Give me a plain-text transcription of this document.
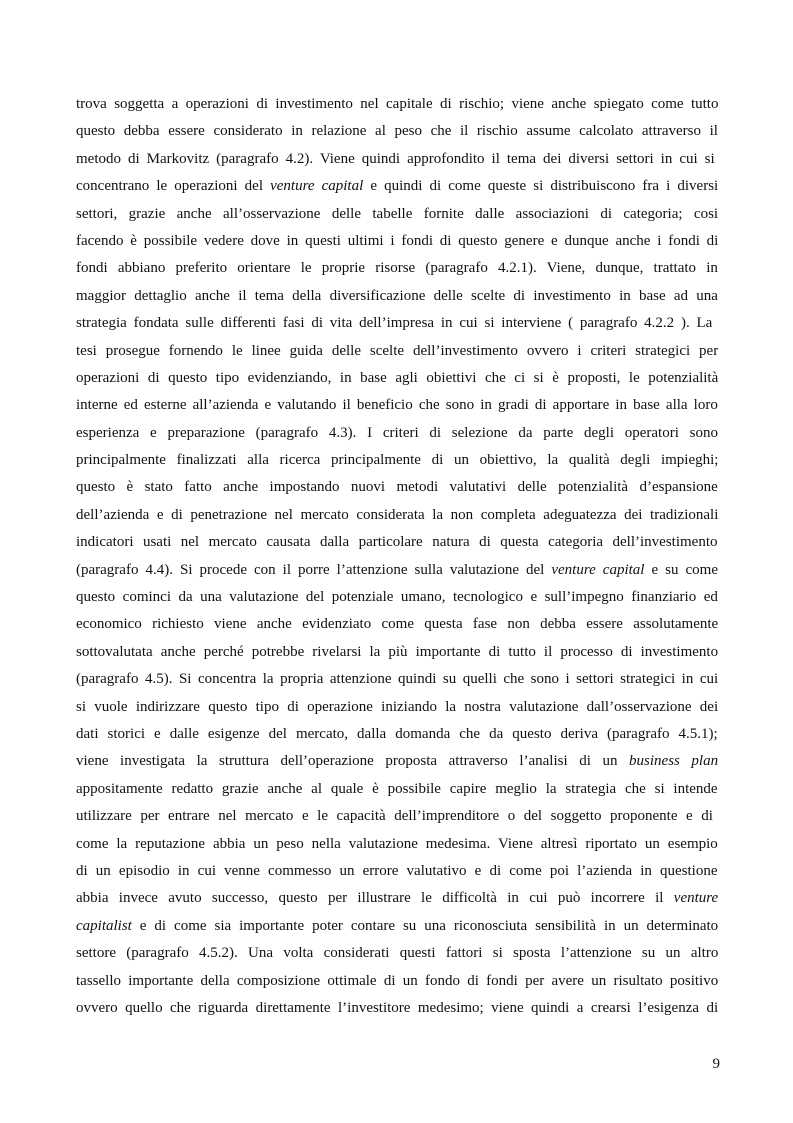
trova soggetta a operazioni di investimento nel capitale di rischio; viene anche spiegato come tutto
questo debba essere considerato in relazione al peso che il rischio assume calcolato attraverso il
metodo di Markovitz (paragrafo 4.2). Viene quindi approfondito il tema dei diversi settori in cui si
concentrano le operazioni del venture capital e quindi di come queste si distribuiscono fra i diversi
settori, grazie anche all’osservazione delle tabelle fornite dalle associazioni di categoria; cosi
facendo è possibile vedere dove in questi ultimi i fondi di questo genere e dunque anche i fondi di
fondi abbiano preferito orientare le proprie risorse (paragrafo 4.2.1). Viene, dunque, trattato in
maggior dettaglio anche il tema della diversificazione delle scelte di investimento in base ad una
strategia fondata sulle differenti fasi di vita dell’impresa in cui si interviene ( paragrafo 4.2.2 ). La
tesi prosegue fornendo le linee guida delle scelte dell’investimento ovvero i criteri strategici per
operazioni di questo tipo evidenziando, in base agli obiettivi che ci si è proposti, le potenzialità
interne ed esterne all’azienda e valutando il beneficio che sono in gradi di apportare in base alla loro
esperienza e preparazione (paragrafo 4.3). I criteri di selezione da parte degli operatori sono
principalmente finalizzati alla ricerca principalmente di un obiettivo, la qualità degli impieghi;
questo è stato fatto anche impostando nuovi metodi valutativi delle potenzialità d’espansione
dell’azienda e di penetrazione nel mercato considerata la non completa adeguatezza dei tradizionali
indicatori usati nel mercato causata dalla particolare natura di questa categoria dell’investimento
(paragrafo 4.4). Si procede con il porre l’attenzione sulla valutazione del venture capital e su come
questo cominci da una valutazione del potenziale umano, tecnologico e sull’impegno finanziario ed
economico richiesto viene anche evidenziato come questa fase non debba essere assolutamente
sottovalutata anche perché potrebbe rivelarsi la più importante di tutto il processo di investimento
(paragrafo 4.5). Si concentra la propria attenzione quindi su quelli che sono i settori strategici in cui
si vuole indirizzare questo tipo di operazione iniziando la nostra valutazione dall’osservazione dei
dati storici e dalle esigenze del mercato, dalla domanda che da questo deriva (paragrafo 4.5.1);
viene investigata la struttura dell’operazione proposta attraverso l’analisi di un business plan
appositamente redatto grazie anche al quale è possibile capire meglio la strategia che si intende
utilizzare per entrare nel mercato e le capacità dell’imprenditore o del soggetto proponente e di
come la reputazione abbia un peso nella valutazione medesima. Viene altresì riportato un esempio
di un episodio in cui venne commesso un errore valutativo e di come poi l’azienda in questione
abbia invece avuto successo, questo per illustrare le difficoltà in cui può incorrere il venture
capitalist e di come sia importante poter contare su una riconosciuta sensibilità in un determinato
settore (paragrafo 4.5.2). Una volta considerati questi fattori si sposta l’attenzione su un altro
tassello importante della composizione ottimale di un fondo di fondi per avere un risultato positivo
ovvero quello che riguarda direttamente l’investitore medesimo; viene quindi a crearsi l’esigenza di
9
